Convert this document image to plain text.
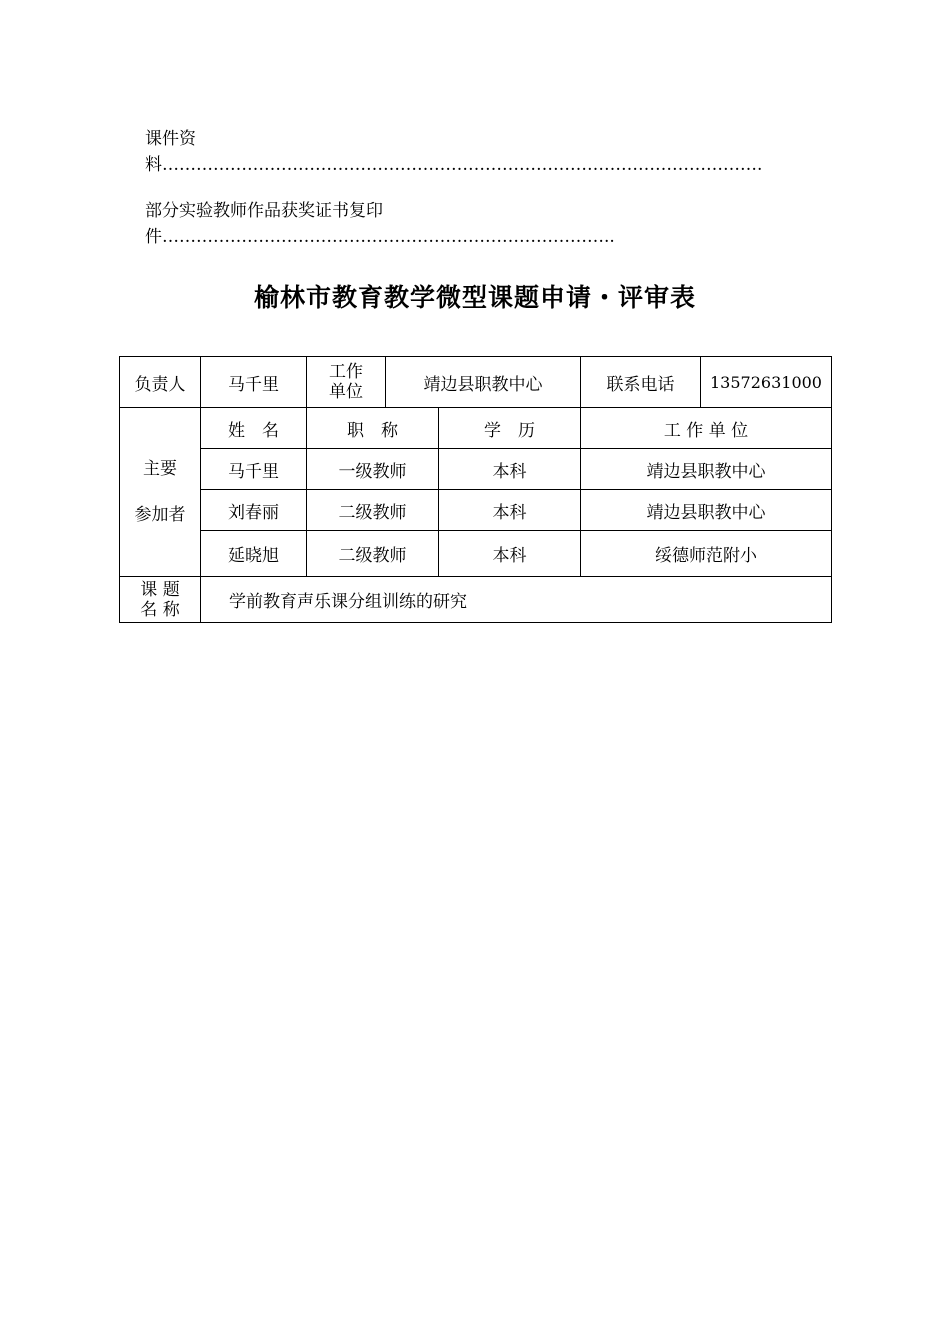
课件资料…………………………………………………………………………………………….
部分实验教师作品获奖证书复印件……………………………………………………………………..
榆林市教育教学微型课题申请・评审表
负责人	马千里	工作
单位	靖边县职教中心		联系电话	13572631000

主要
参加者	姓　名	职　称		学　历	工 作 单 位	
	马千里	一级教师		本科	靖边县职教中心	
	刘春丽	二级教师		本科	靖边县职教中心	
	延晓旭	二级教师		本科	绥德师范附小	

课 题
名 称	学前教育声乐课分组训练的研究					
